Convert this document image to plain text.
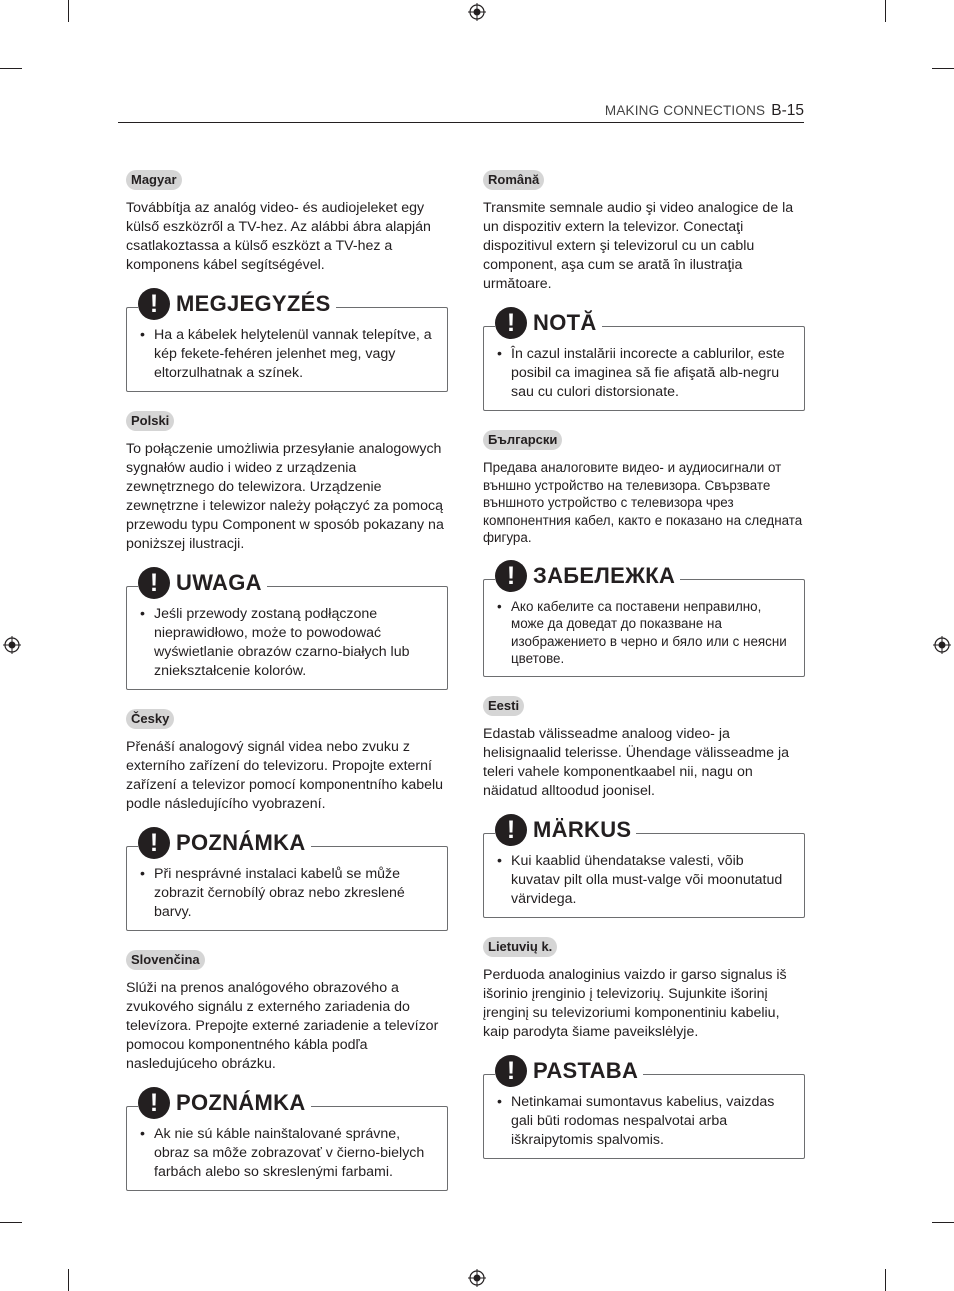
MAKING CONNECTIONS B-15
Magyar

Továbbítja az analóg video- és audiojeleket egy külső eszközről a TV-hez. Az alábbi ábra alapján csatlakoztassa a külső eszközt a TV-hez a komponens kábel segítségével.

! MEGJEGYZÉS
• Ha a kábelek helytelenül vannak telepítve, a kép fekete-fehéren jelenhet meg, vagy eltorzulhatnak a színek.
Polski

To połączenie umożliwia przesyłanie analogowych sygnałów audio i wideo z urządzenia zewnętrznego do telewizora. Urządzenie zewnętrzne i telewizor należy połączyć za pomocą przewodu typu Component w sposób pokazany na poniższej ilustracji.

! UWAGA
• Jeśli przewody zostaną podłączone nieprawidłowo, może to powodować wyświetlanie obrazów czarno-białych lub zniekształcenie kolorów.
Česky

Přenáší analogový signál videa nebo zvuku z externího zařízení do televizoru. Propojte externí zařízení a televizor pomocí komponentního kabelu podle následujícího vyobrazení.

! POZNÁMKA
• Při nesprávné instalaci kabelů se může zobrazit černobílý obraz nebo zkreslené barvy.
Slovenčina

Slúži na prenos analógového obrazového a zvukového signálu z externého zariadenia do televízora. Prepojte externé zariadenie a televízor pomocou komponentného kábla podľa nasledujúceho obrázku.

! POZNÁMKA
• Ak nie sú káble nainštalované správne, obraz sa môže zobrazovať v čierno-bielych farbách alebo so skreslenými farbami.
Română

Transmite semnale audio şi video analogice de la un dispozitiv extern la televizor. Conectaţi dispozitivul extern şi televizorul cu un cablu component, aşa cum se arată în ilustraţia următoare.

! NOTĂ
• În cazul instalării incorecte a cablurilor, este posibil ca imaginea să fie afişată alb-negru sau cu culori distorsionate.
Български

Предава аналоговите видео- и аудиосигнали от външно устройство на телевизора. Свързвате външното устройство с телевизора чрез компонентния кабел, както е показано на следната фигура.

! ЗАБЕЛЕЖКА
• Ако кабелите са поставени неправилно, може да доведат до показване на изображението в черно и бяло или с неясни цветове.
Eesti

Edastab välisseadme analoog video- ja helisignaalid telerisse. Ühendage välisseadme ja teleri vahele komponentkaabel nii, nagu on näidatud alltoodud joonisel.

! MÄRKUS
• Kui kaablid ühendatakse valesti, võib kuvatav pilt olla must-valge või moonutatud värvidega.
Lietuvių k.

Perduoda analoginius vaizdo ir garso signalus iš išorinio įrenginio į televizorių. Sujunkite išorinį įrenginį su televizoriumi komponentiniu kabeliu, kaip parodyta šiame paveikslėlyje.

! PASTABA
• Netinkamai sumontavus kabelius, vaizdas gali būti rodomas nespalvotai arba iškraipytomis spalvomis.
